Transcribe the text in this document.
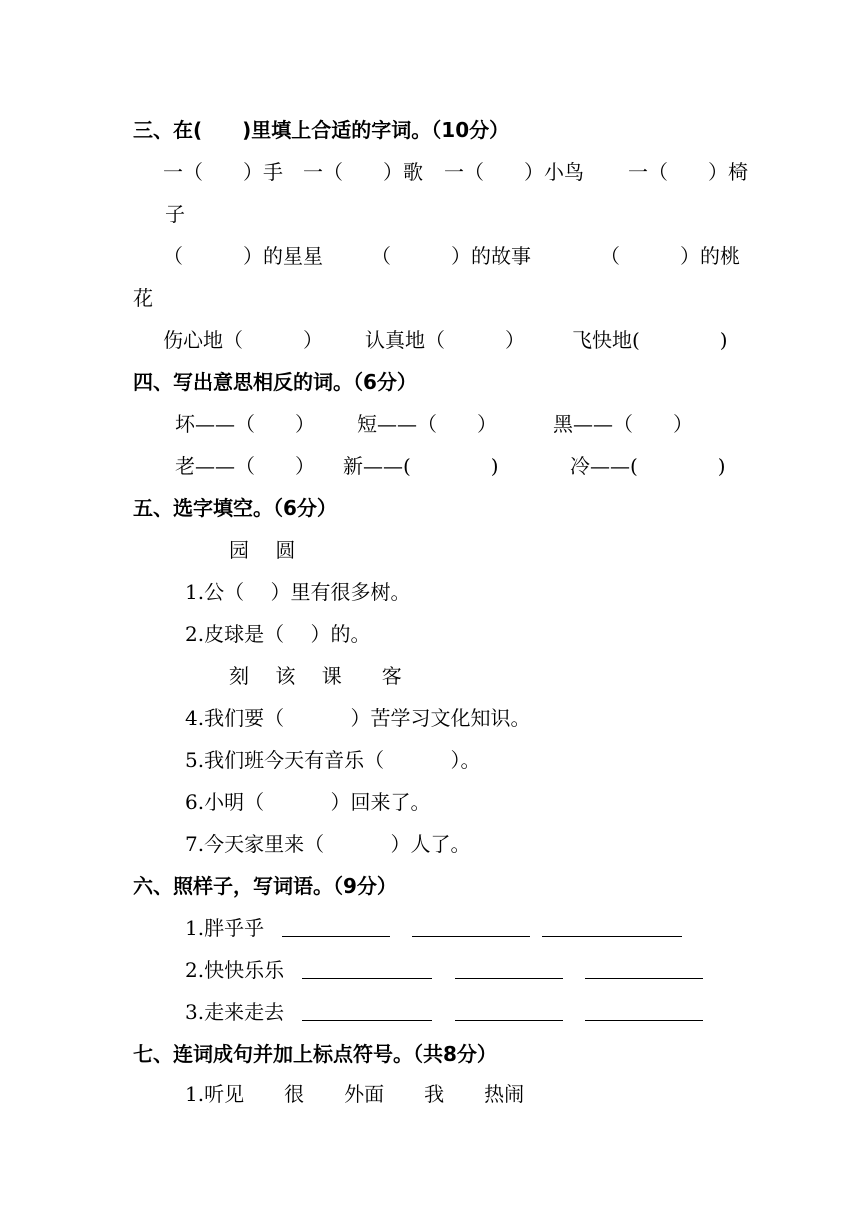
三、在(　　)里填上合适的字词。（10分）
一（　　）手 一（　　）歌 一（　　）小鸟 一（　　）椅
子
（　　　）的星星 （　　　）的故事	（　　　）的桃
花
伤心地（　　　） 认真地（　　　） 飞快地(　　　　)
四、写出意思相反的词。（6分）
坏——（　　） 短——（　　）	黑——（　　）
老——（　　） 新——(　　　　)	冷——(　　　　)
五、选字填空。（6分）
园　 圆
1.公（　 ）里有很多树。
2.皮球是（　 ）的。
刻　 该　 课　　客
4.我们要（　　　 ）苦学习文化知识。
5.我们班今天有音乐（　　　 ）。
6.小明（　　　 ）回来了。
7.今天家里来（　　　 ）人了。
六、照样子，写词语。（9分）
1.胖乎乎
2.快快乐乐
3.走来走去
七、连词成句并加上标点符号。（共8分）
1.听见　　很　　外面　　我　　热闹
